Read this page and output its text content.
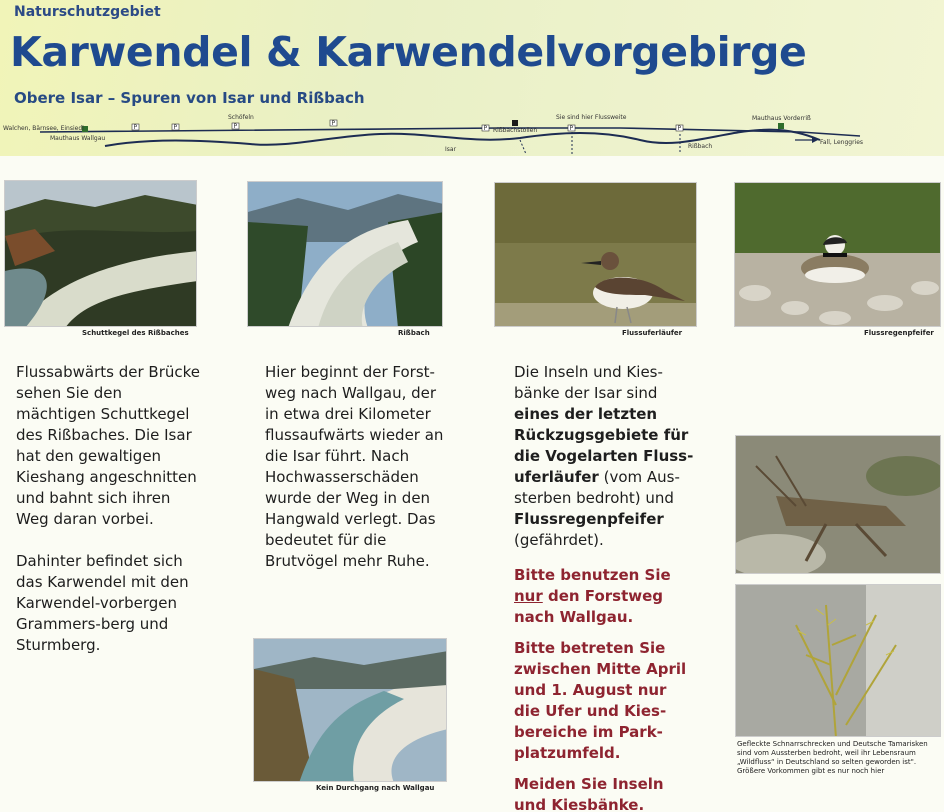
Naturschutzgebiet
Karwendel & Karwendelvorgebirge
Obere Isar – Spuren von Isar und Rißbach
P	P	P	P
P	P	P
Walchen, Bärnsee, Einsiedl
Mauthaus Wallgau
Schöfeln
Isar
Rißbachstollen
Sie sind hier Flussweite
Rißbach
Mauthaus Vorderriß
Fall, Lenggries
Schuttkegel des Rißbaches	Rißbach	Flussuferläufer	Flussregenpfeifer
Gefleckte Schnarrschrecken und Deutsche Tamarisken sind vom Aussterben bedroht, weil ihr Lebensraum „Wildfluss“ in Deutschland so selten geworden ist". Größere Vorkommen gibt es nur noch hier
Kein Durchgang nach Wallgau

Flussabwärts der Brücke sehen Sie den mächtigen Schuttkegel des Rißbaches. Die Isar hat den gewaltigen Kieshang angeschnitten und bahnt sich ihren Weg daran vorbei.

Dahinter befindet sich das Karwendel mit den Karwendel-vorbergen Grammers-berg und Sturmberg.

Hier beginnt der Forst-weg nach Wallgau, der in etwa drei Kilometer flussaufwärts wieder an die Isar führt. Nach Hochwasserschäden wurde der Weg in den Hangwald verlegt. Das bedeutet für die Brutvögel mehr Ruhe.

Die Inseln und Kies-bänke der Isar sind eines der letzten Rückzugsgebiete für die Vogelarten Fluss-uferläufer (vom Aus-sterben bedroht) und Flussregenpfeifer (gefährdet).

Bitte benutzen Sie nur den Forstweg nach Wallgau.
Bitte betreten Sie zwischen Mitte April und 1. August nur die Ufer und Kies-bereiche im Park-platzumfeld.
Meiden Sie Inseln und Kiesbänke.
